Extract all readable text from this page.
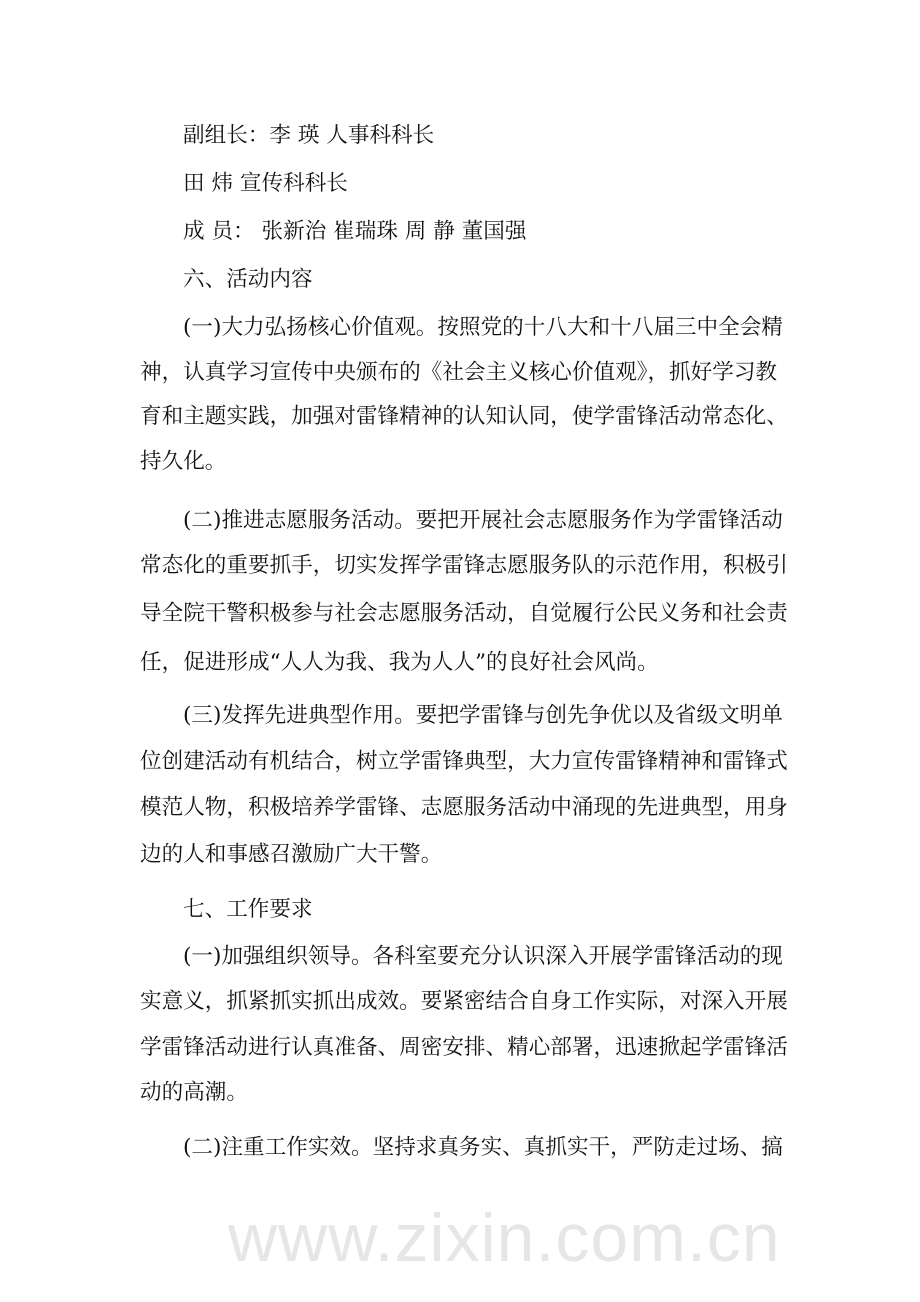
副组长：李 瑛 人事科科长
田 炜 宣传科科长
成 员： 张新治 崔瑞珠 周 静 董国强
六、活动内容
(一)大力弘扬核心价值观。按照党的十八大和十八届三中全会精
神，认真学习宣传中央颁布的《社会主义核心价值观》，抓好学习教
育和主题实践，加强对雷锋精神的认知认同，使学雷锋活动常态化、
持久化。
(二)推进志愿服务活动。要把开展社会志愿服务作为学雷锋活动
常态化的重要抓手，切实发挥学雷锋志愿服务队的示范作用，积极引
导全院干警积极参与社会志愿服务活动，自觉履行公民义务和社会责
任，促进形成“人人为我、我为人人”的良好社会风尚。
(三)发挥先进典型作用。要把学雷锋与创先争优以及省级文明单
位创建活动有机结合，树立学雷锋典型，大力宣传雷锋精神和雷锋式
模范人物，积极培养学雷锋、志愿服务活动中涌现的先进典型，用身
边的人和事感召激励广大干警。
七、工作要求
(一)加强组织领导。各科室要充分认识深入开展学雷锋活动的现
实意义，抓紧抓实抓出成效。要紧密结合自身工作实际，对深入开展
学雷锋活动进行认真准备、周密安排、精心部署，迅速掀起学雷锋活
动的高潮。
(二)注重工作实效。坚持求真务实、真抓实干，严防走过场、搞
www.zixin.com.cn
